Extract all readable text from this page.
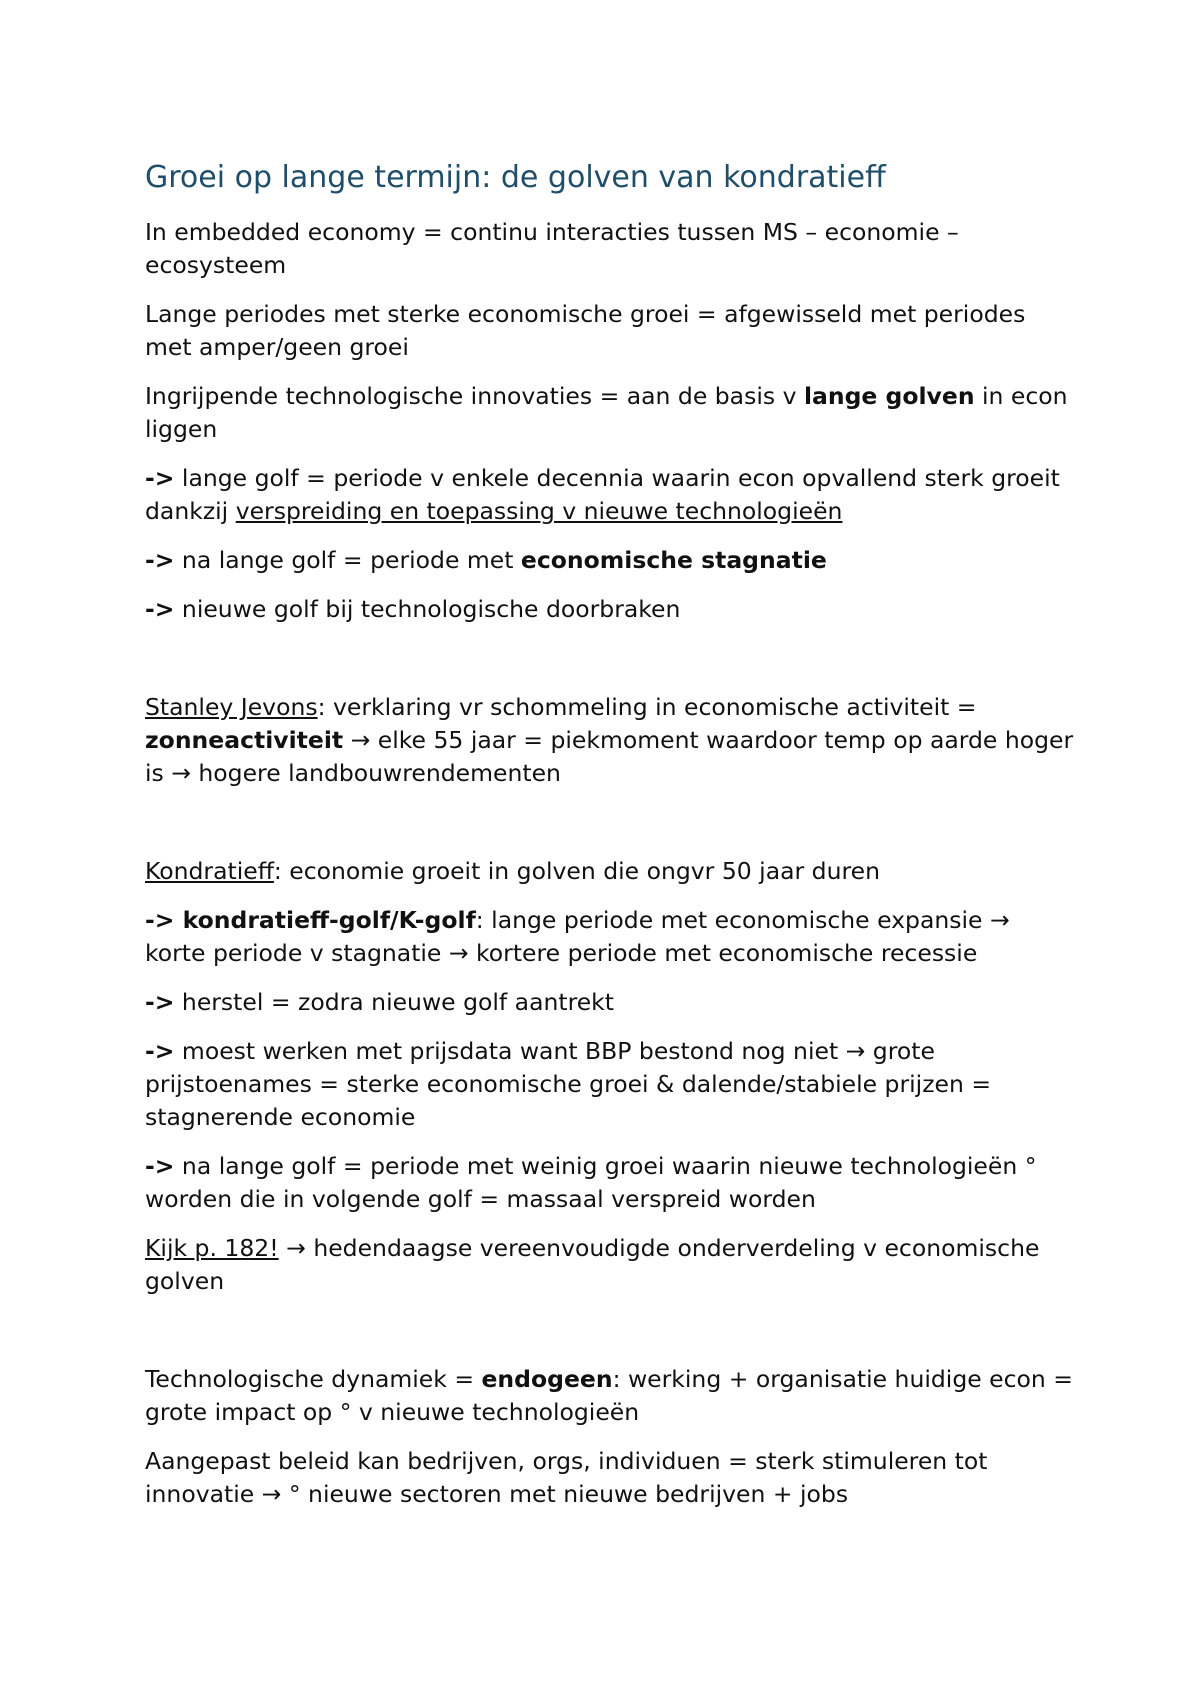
Groei op lange termijn: de golven van kondratieff

In embedded economy = continu interacties tussen MS – economie – ecosysteem

Lange periodes met sterke economische groei = afgewisseld met periodes met amper/geen groei

Ingrijpende technologische innovaties = aan de basis v lange golven in econ liggen

-> lange golf = periode v enkele decennia waarin econ opvallend sterk groeit dankzij verspreiding en toepassing v nieuwe technologieën

-> na lange golf = periode met economische stagnatie

-> nieuwe golf bij technologische doorbraken

Stanley Jevons: verklaring vr schommeling in economische activiteit = zonneactiviteit → elke 55 jaar = piekmoment waardoor temp op aarde hoger is → hogere landbouwrendementen

Kondratieff: economie groeit in golven die ongvr 50 jaar duren

-> kondratieff-golf/K-golf: lange periode met economische expansie → korte periode v stagnatie → kortere periode met economische recessie

-> herstel = zodra nieuwe golf aantrekt

-> moest werken met prijsdata want BBP bestond nog niet → grote prijstoenames = sterke economische groei & dalende/stabiele prijzen = stagnerende economie

-> na lange golf = periode met weinig groei waarin nieuwe technologieën ° worden die in volgende golf = massaal verspreid worden

Kijk p. 182! → hedendaagse vereenvoudigde onderverdeling v economische golven

Technologische dynamiek = endogeen: werking + organisatie huidige econ = grote impact op ° v nieuwe technologieën

Aangepast beleid kan bedrijven, orgs, individuen = sterk stimuleren tot innovatie → ° nieuwe sectoren met nieuwe bedrijven + jobs
